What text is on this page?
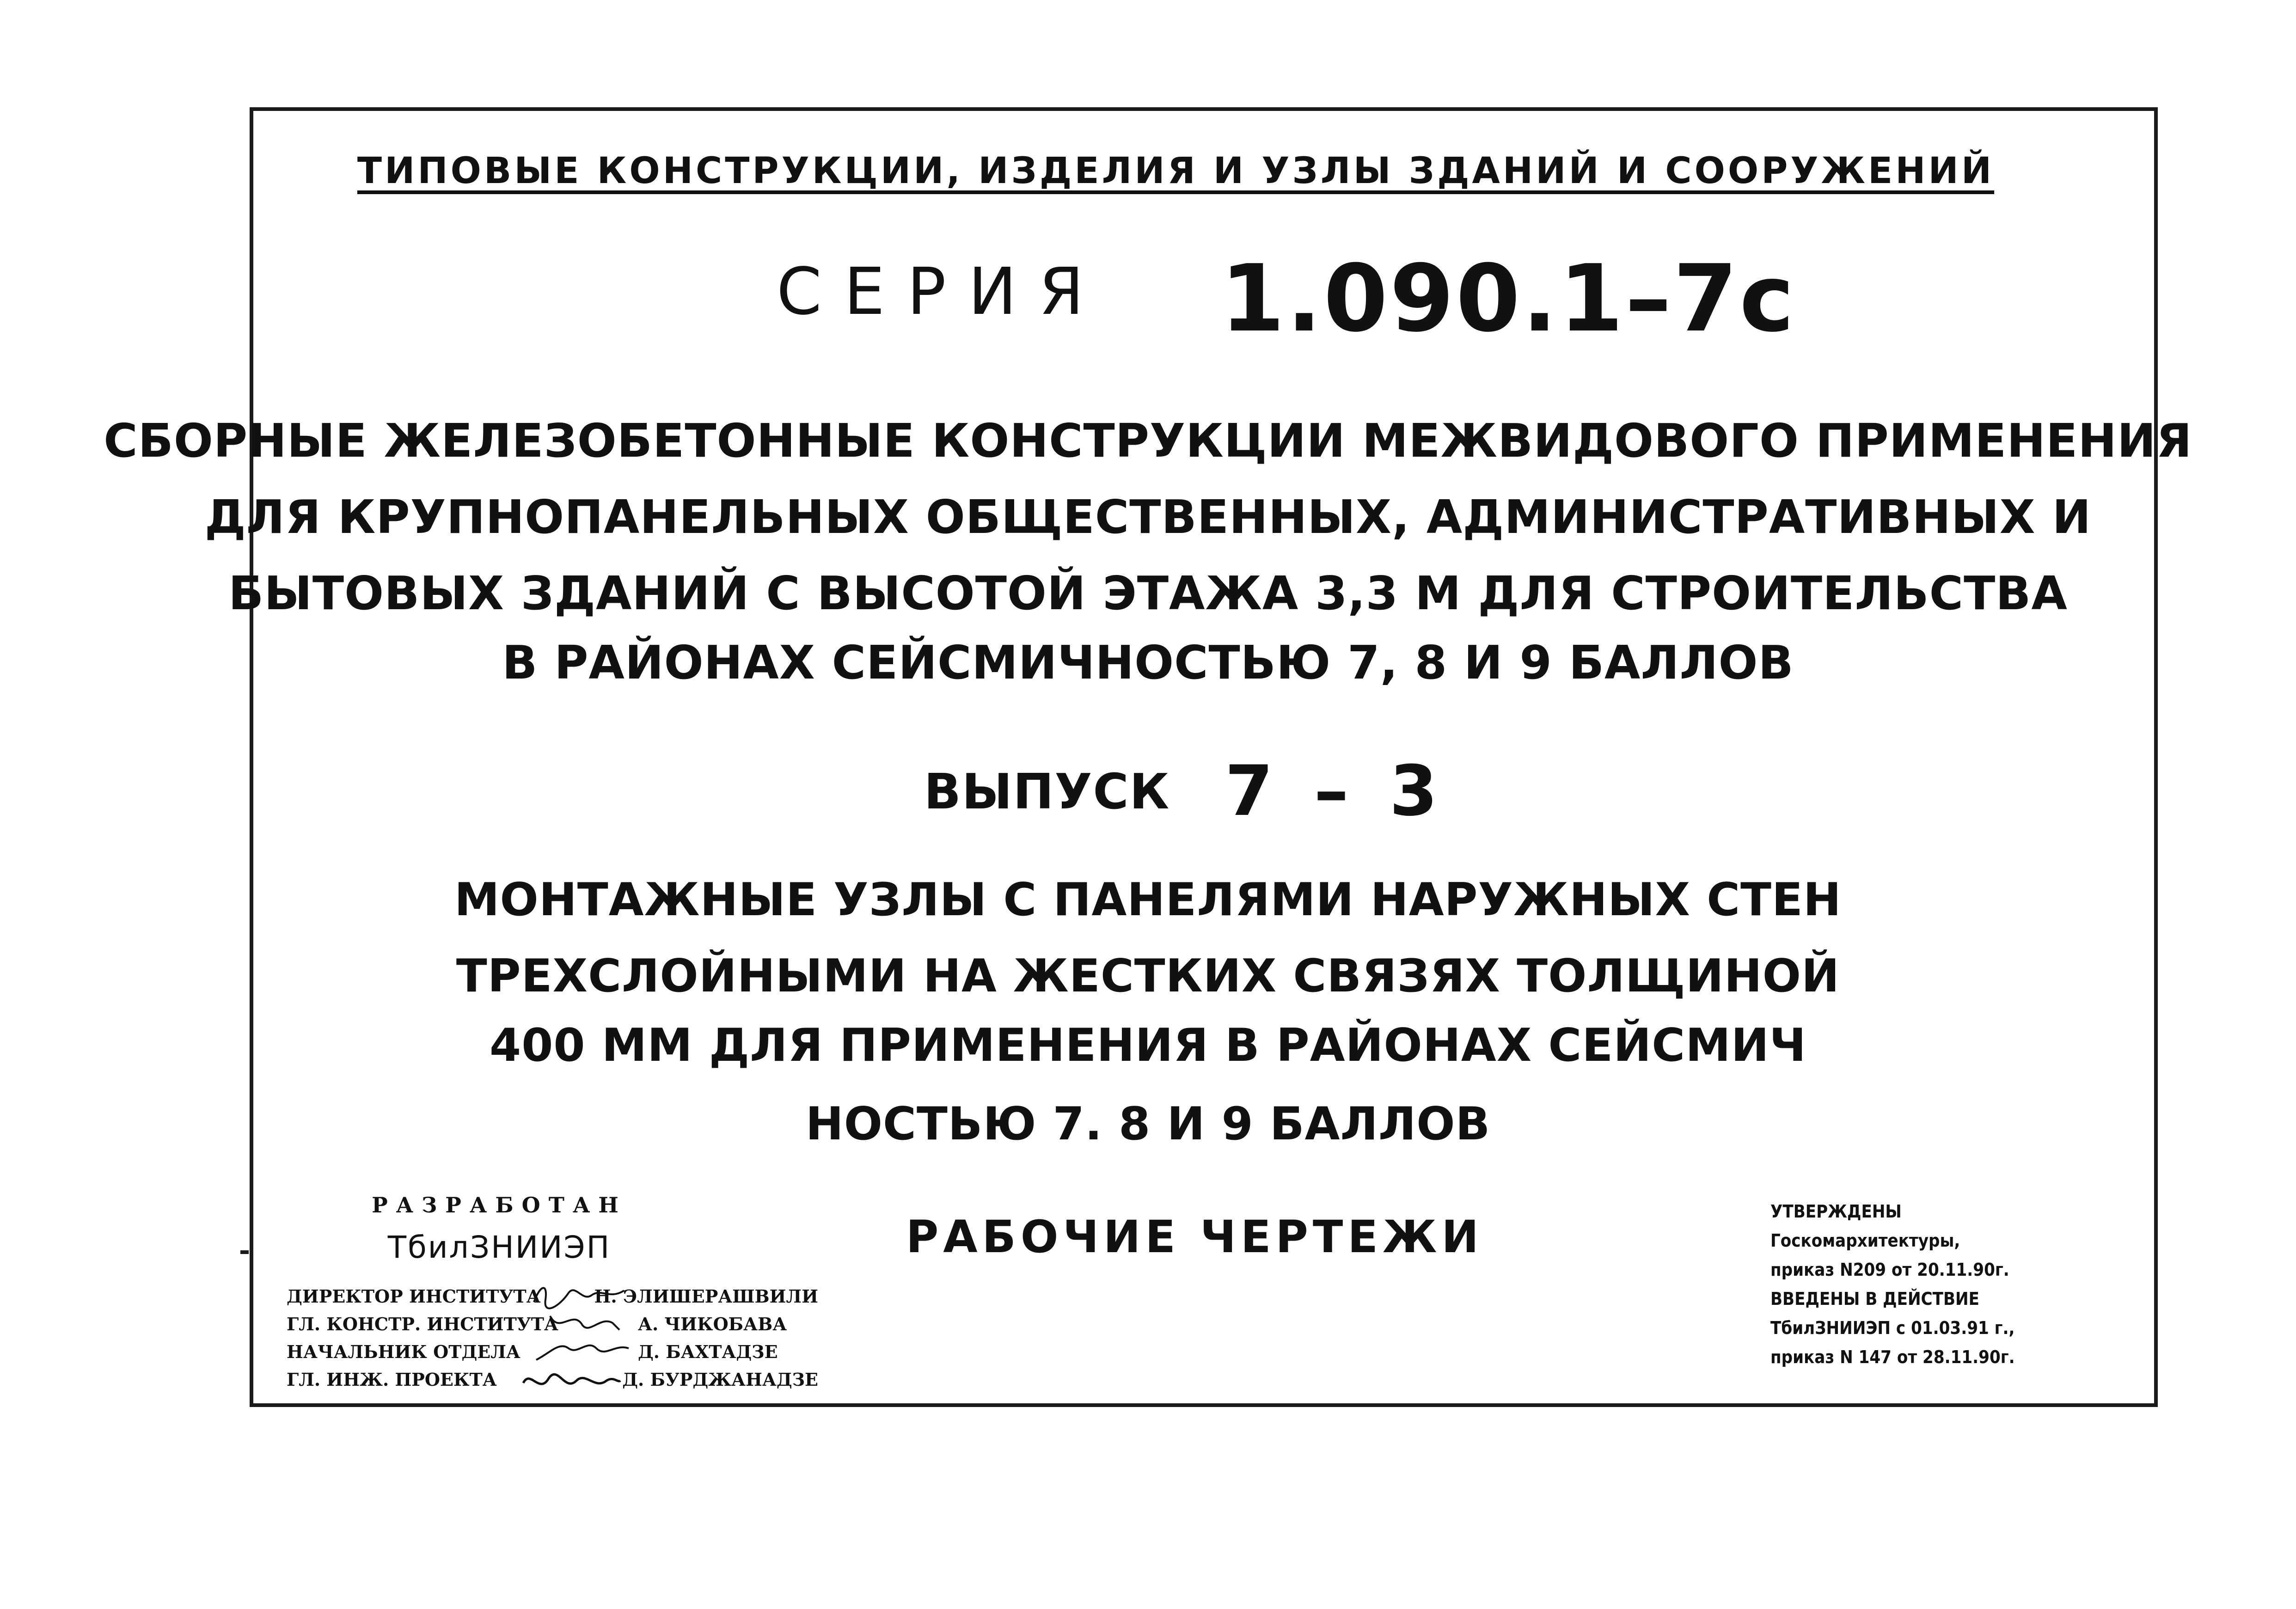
ТИПОВЫЕ КОНСТРУКЦИИ, ИЗДЕЛИЯ И УЗЛЫ ЗДАНИЙ И СООРУЖЕНИЙ
СЕРИЯ 1.090.1–7с
СБОРНЫЕ ЖЕЛЕЗОБЕТОННЫЕ КОНСТРУКЦИИ МЕЖВИДОВОГО ПРИМЕНЕНИЯ
ДЛЯ КРУПНОПАНЕЛЬНЫХ ОБЩЕСТВЕННЫХ, АДМИНИСТРАТИВНЫХ И
БЫТОВЫХ ЗДАНИЙ С ВЫСОТОЙ ЭТАЖА 3,3 М ДЛЯ СТРОИТЕЛЬСТВА
В РАЙОНАХ СЕЙСМИЧНОСТЬЮ 7, 8 И 9 БАЛЛОВ
ВЫПУСК 7 – 3
МОНТАЖНЫЕ УЗЛЫ С ПАНЕЛЯМИ НАРУЖНЫХ СТЕН
ТРЕХСЛОЙНЫМИ НА ЖЕСТКИХ СВЯЗЯХ ТОЛЩИНОЙ
400 ММ ДЛЯ ПРИМЕНЕНИЯ В РАЙОНАХ СЕЙСМИЧ
НОСТЬЮ 7. 8 И 9 БАЛЛОВ
РАЗРАБОТАН
ТбилЗНИИЭП
ДИРЕКТОР ИНСТИТУТА	Н. ЭЛИШЕРАШВИЛИ
ГЛ. КОНСТР. ИНСТИТУТА	А. ЧИКОБАВА
НАЧАЛЬНИК ОТДЕЛА	Д. БАХТАДЗЕ
ГЛ. ИНЖ. ПРОЕКТА	Д. БУРДЖАНАДЗЕ
РАБОЧИЕ ЧЕРТЕЖИ	УТВЕРЖДЕНЫ
Госкомархитектуры,
приказ N209 от 20.11.90г.
ВВЕДЕНЫ В ДЕЙСТВИЕ
ТбилЗНИИЭП с 01.03.91 г.,
приказ N 147 от 28.11.90г.
